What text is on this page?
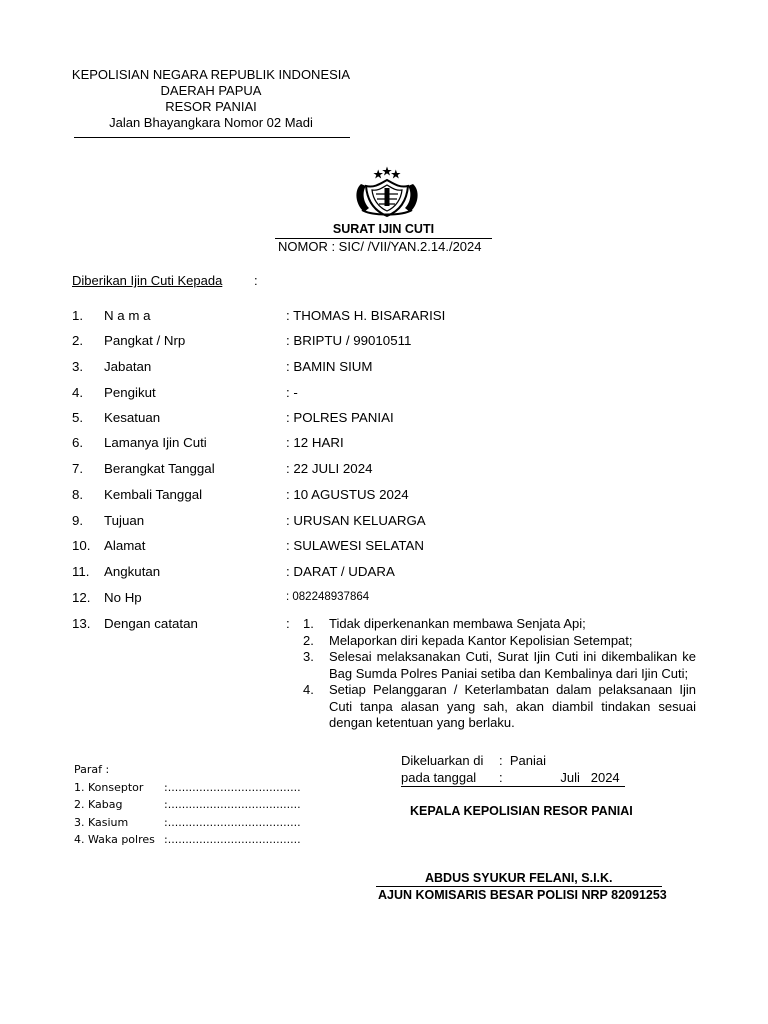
KEPOLISIAN NEGARA REPUBLIK INDONESIA
DAERAH PAPUA
RESOR PANIAI
Jalan Bhayangkara Nomor 02 Madi
SURAT IJIN CUTI
NOMOR : SIC/ /VII/YAN.2.14./2024
Diberikan Ijin Cuti Kepada :
1. N a m a	: THOMAS H. BISARARISI
2. Pangkat / Nrp	: BRIPTU / 99010511
3. Jabatan	: BAMIN SIUM
4. Pengikut	: -
5. Kesatuan	: POLRES PANIAI
6. Lamanya Ijin Cuti	: 12 HARI
7. Berangkat Tanggal	: 22 JULI 2024
8. Kembali Tanggal	: 10 AGUSTUS 2024
9. Tujuan	: URUSAN KELUARGA
10. Alamat	: SULAWESI SELATAN
11. Angkutan	: DARAT / UDARA
12. No Hp	: 082248937864
13. Dengan catatan	: 1. Tidak diperkenankan membawa Senjata Api;
2. Melaporkan diri kepada Kantor Kepolisian Setempat;
3. Selesai melaksanakan Cuti, Surat Ijin Cuti ini dikembalikan ke Bag Sumda Polres Paniai setiba dan Kembalinya dari Ijin Cuti;
4. Setiap Pelanggaran / Keterlambatan dalam pelaksanaan Ijin Cuti tanpa alasan yang sah, akan diambil tindakan sesuai dengan ketentuan yang berlaku.
Paraf :
1. Konseptor :......................................
2. Kabag	:......................................
3. Kasium	:......................................
4. Waka polres :......................................
Dikeluarkan di :  Paniai
pada tanggal :                Juli   2024
KEPALA KEPOLISIAN RESOR PANIAI
ABDUS SYUKUR FELANI, S.I.K.
AJUN KOMISARIS BESAR POLISI NRP 82091253
